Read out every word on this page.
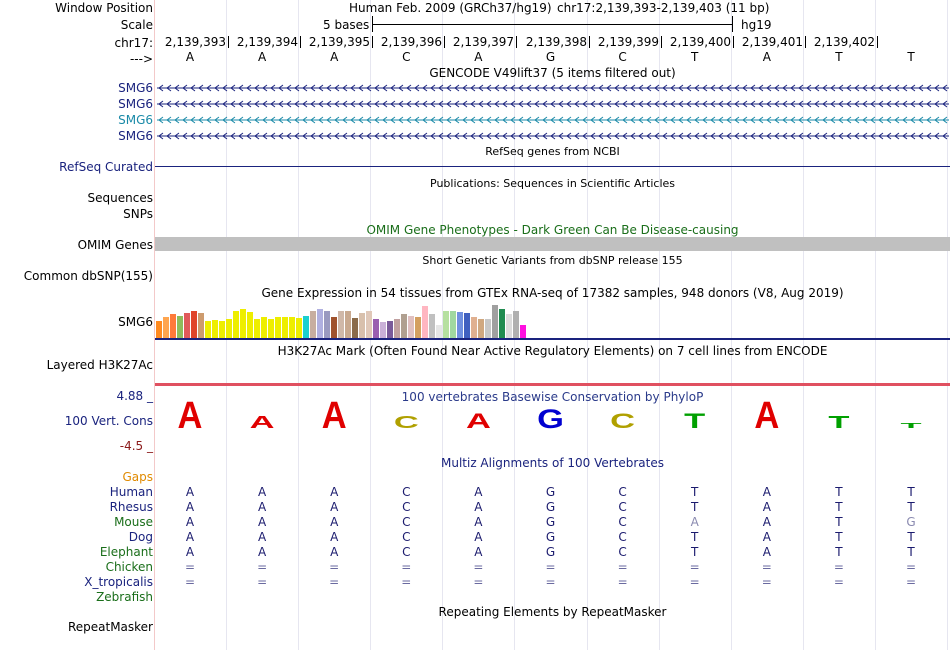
Window Position	Human Feb. 2009 (GRCh37/hg19) chr17:2,139,393-2,139,403 (11 bp)
Scale	5 bases	hg19
chr17: 2,139,393 2,139,394 2,139,395 2,139,396 2,139,397 2,139,398 2,139,399 2,139,400 2,139,401 2,139,402
--->	A	A	A	C	A	G	C	T	A	T	T
GENCODE V49lift37 (5 items filtered out)
SMG6
SMG6
SMG6
SMG6
RefSeq genes from NCBI
RefSeq Curated
Publications: Sequences in Scientific Articles
Sequences
SNPs
OMIM Gene Phenotypes - Dark Green Can Be Disease-causing
OMIM Genes
Short Genetic Variants from dbSNP release 155
Common dbSNP(155)
Gene Expression in 54 tissues from GTEx RNA-seq of 17382 samples, 948 donors (V8, Aug 2019)
SMG6
H3K27Ac Mark (Often Found Near Active Regulatory Elements) on 7 cell lines from ENCODE
Layered H3K27Ac
100 vertebrates Basewise Conservation by PhyloP
4.88 _
100 Vert. Cons
-4.5 _
A A A C A G C T A T T
Multiz Alignments of 100 Vertebrates
Gaps
Human	A	A	A	C	A	G	C	T	A	T	T
Rhesus	A	A	A	C	A	G	C	T	A	T	T
Mouse	A	A	A	C	A	G	C	A	A	T	G
Dog	A	A	A	C	A	G	C	T	A	T	T
Elephant	A	A	A	C	A	G	C	T	A	T	T
Chicken	=	=	=	=	=	=	=	=	=	=	=
X_tropicalis	=	=	=	=	=	=	=	=	=	=	=
Zebrafish
Repeating Elements by RepeatMasker
RepeatMasker
